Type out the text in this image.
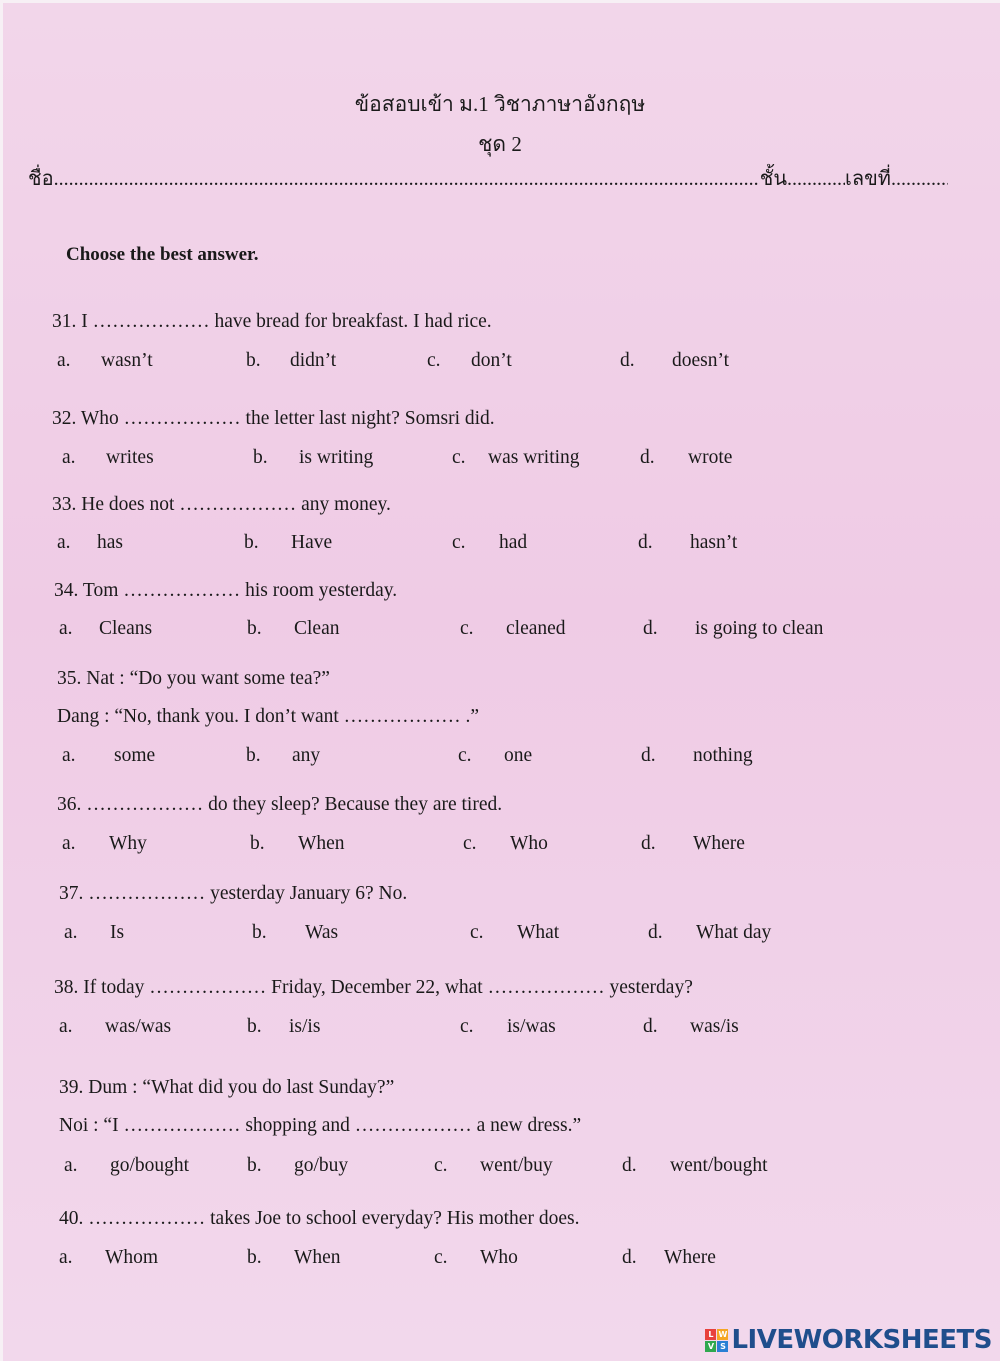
ข้อสอบเข้า ม.1 วิชาภาษาอังกฤษ
ชุด 2
ชื่อ .....	ชั้น .....	เลขที่
.....
Choose the best answer.
31. I ……………… have bread for breakfast. I had rice.
a. wasn’t	b. didn’t	c. don’t	d. doesn’t
32. Who ……………… the letter last night? Somsri did.
a. writes	b. is writing	c. was writing	d. wrote
33. He does not ……………… any money.
a. has	b. Have	c. had	d. hasn’t
34. Tom ……………… his room yesterday.
a. Cleans	b. Clean	c. cleaned	d. is going to clean
35. Nat : “Do you want some tea?”
Dang : “No, thank you. I don’t want ……………… .”
a. some	b. any	c. one	d. nothing
36. ……………… do they sleep? Because they are tired.
a. Why	b. When	c. Who	d. Where
37. ……………… yesterday January 6? No.
a. Is	b. Was	c. What	d. What day
38. If today ……………… Friday, December 22, what ……………… yesterday?
a. was/was	b. is/is	c. is/was	d. was/is
39. Dum : “What did you do last Sunday?”
Noi : “I ……………… shopping and ……………… a new dress.”
a. go/bought	b. go/buy	c. went/buy	d. went/bought
40. ……………… takes Joe to school everyday? His mother does.
a. Whom	b. When	c. Who	d. Where
L W
V S LIVEWORKSHEETS
